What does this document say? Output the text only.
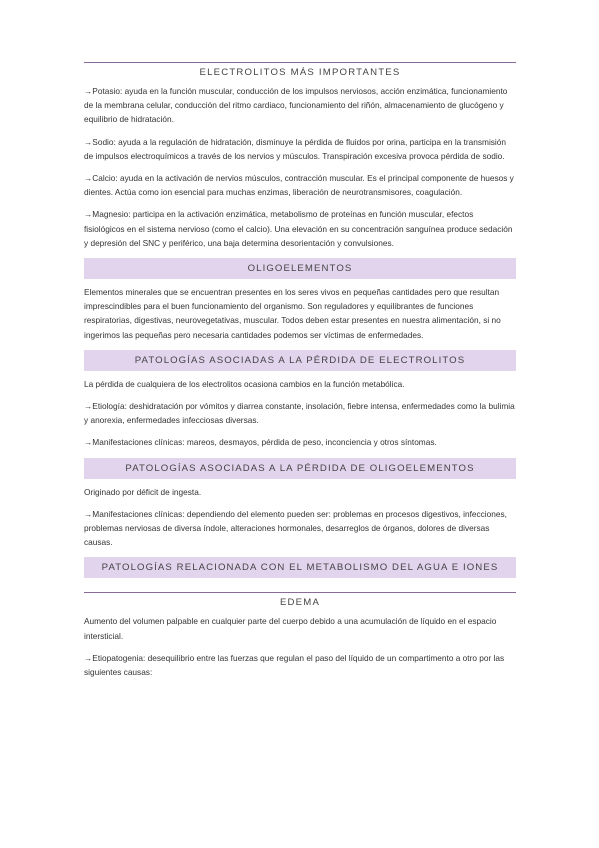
ELECTROLITOS MÁS IMPORTANTES

→Potasio: ayuda en la función muscular, conducción de los impulsos nerviosos, acción enzimática, funcionamiento de la membrana celular, conducción del ritmo cardiaco, funcionamiento del riñón, almacenamiento de glucógeno y equilibrio de hidratación.

→Sodio: ayuda a la regulación de hidratación, disminuye la pérdida de fluidos por orina, participa en la transmisión de impulsos electroquímicos a través de los nervios y músculos. Transpiración excesiva provoca pérdida de sodio.

→Calcio: ayuda en la activación de nervios músculos, contracción muscular. Es el principal componente de huesos y dientes. Actúa como ion esencial para muchas enzimas, liberación de neurotransmisores, coagulación.

→Magnesio: participa en la activación enzimática, metabolismo de proteínas en función muscular, efectos fisiológicos en el sistema nervioso (como el calcio). Una elevación en su concentración sanguínea produce sedación y depresión del SNC y periférico, una baja determina desorientación y convulsiones.

OLIGOELEMENTOS

Elementos minerales que se encuentran presentes en los seres vivos en pequeñas cantidades pero que resultan imprescindibles para el buen funcionamiento del organismo. Son reguladores y equilibrantes de funciones respiratorias, digestivas, neurovegetativas, muscular. Todos deben estar presentes en nuestra alimentación, si no ingerimos las pequeñas pero necesaria cantidades podemos ser víctimas de enfermedades.

PATOLOGÍAS ASOCIADAS A LA PÉRDIDA DE ELECTROLITOS

La pérdida de cualquiera de los electrolitos ocasiona cambios en la función metabólica.

→Etiología: deshidratación por vómitos y diarrea constante, insolación, fiebre intensa, enfermedades como la bulimia y anorexia, enfermedades infecciosas diversas.

→Manifestaciones clínicas: mareos, desmayos, pérdida de peso, inconciencia y otros síntomas.

PATOLOGÍAS ASOCIADAS A LA PÉRDIDA DE OLIGOELEMENTOS

Originado por déficit de ingesta.

→Manifestaciones clínicas: dependiendo del elemento pueden ser: problemas en procesos digestivos, infecciones, problemas nerviosas de diversa índole, alteraciones hormonales, desarreglos de órganos, dolores de diversas causas.

PATOLOGÍAS RELACIONADA CON EL METABOLISMO DEL AGUA E IONES
EDEMA

Aumento del volumen palpable en cualquier parte del cuerpo debido a una acumulación de líquido en el espacio intersticial.

→Etiopatogenia: desequilibrio entre las fuerzas que regulan el paso del líquido de un compartimento a otro por las siguientes causas:
